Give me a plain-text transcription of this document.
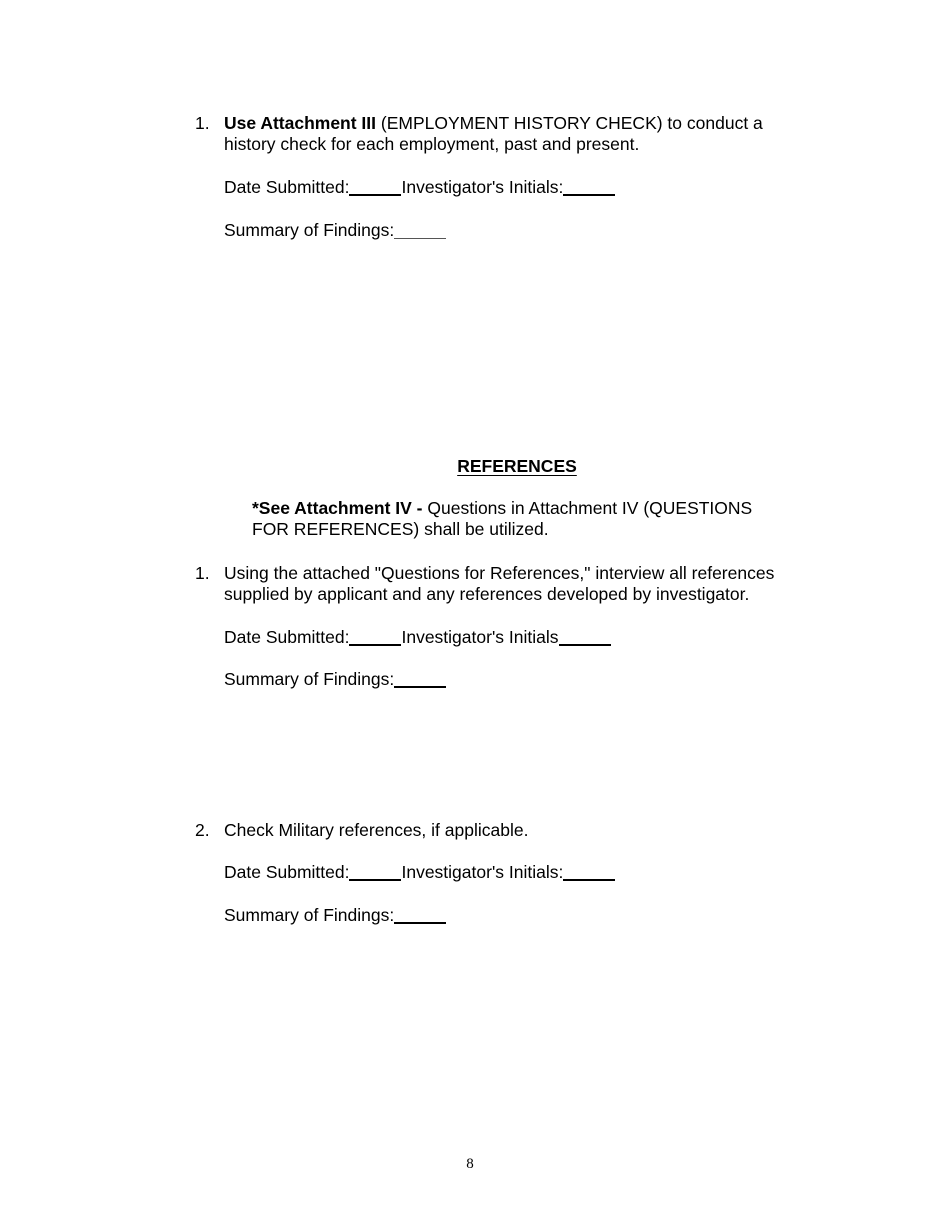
1. Use Attachment III (EMPLOYMENT HISTORY CHECK) to conduct a
history check for each employment, past and present.
Date Submitted:	Investigator's Initials:
Summary of Findings:
REFERENCES
*See Attachment IV - Questions in Attachment IV (QUESTIONS
FOR REFERENCES) shall be utilized.
1. Using the attached "Questions for References," interview all references
supplied by applicant and any references developed by investigator.
Date Submitted:	Investigator's Initials
Summary of Findings:
2. Check Military references, if applicable.
Date Submitted:	Investigator's Initials:
Summary of Findings:
8
